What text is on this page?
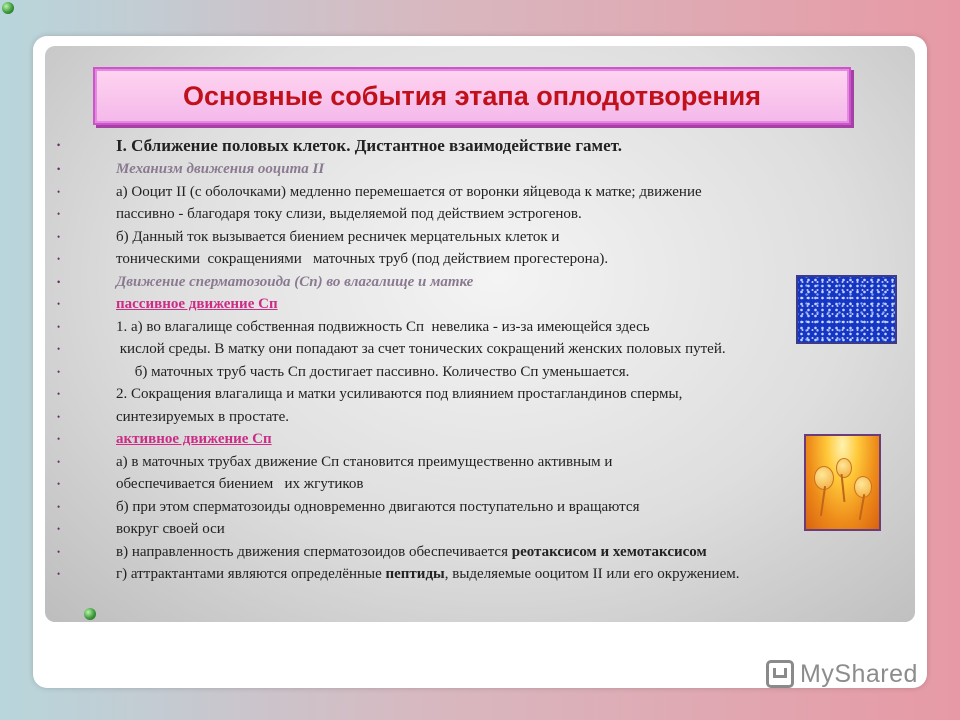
Основные события этапа оплодотворения
•	I. Сближение половых клеток. Дистантное взаимодействие гамет.
•	Механизм движения ооцита II
•	а) Ооцит II (с оболочками) медленно перемешается от воронки яйцевода к матке; движение
•	пассивно - благодаря току слизи, выделяемой под действием эстрогенов.
•	б) Данный ток вызывается биением ресничек мерцательных клеток и
•	тоническими  сокращениями   маточных труб (под действием прогестерона).
•	Движение сперматозоида (Сп) во влагалище и матке
•	пассивное движение Сп
•	1. а) во влагалище собственная подвижность Сп  невелика - из-за имеющейся здесь
•	кислой среды. В матку они попадают за счет тонических сокращений женских половых путей.
•	б) маточных труб часть Сп достигает пассивно. Количество Сп уменьшается.
•	2. Сокращения влагалища и матки усиливаются под влиянием простагландинов спермы,
•	синтезируемых в простате.
•	активное движение Сп
•	а) в маточных трубах движение Сп становится преимущественно активным и
•	обеспечивается биением   их жгутиков
•	б) при этом сперматозоиды одновременно двигаются поступательно и вращаются
•	вокруг своей оси
•	в) направленность движения сперматозоидов обеспечивается реотаксисом и хемотаксисом
•	г) аттрактантами являются определённые пептиды, выделяемые ооцитом II или его окружением.
MyShared
